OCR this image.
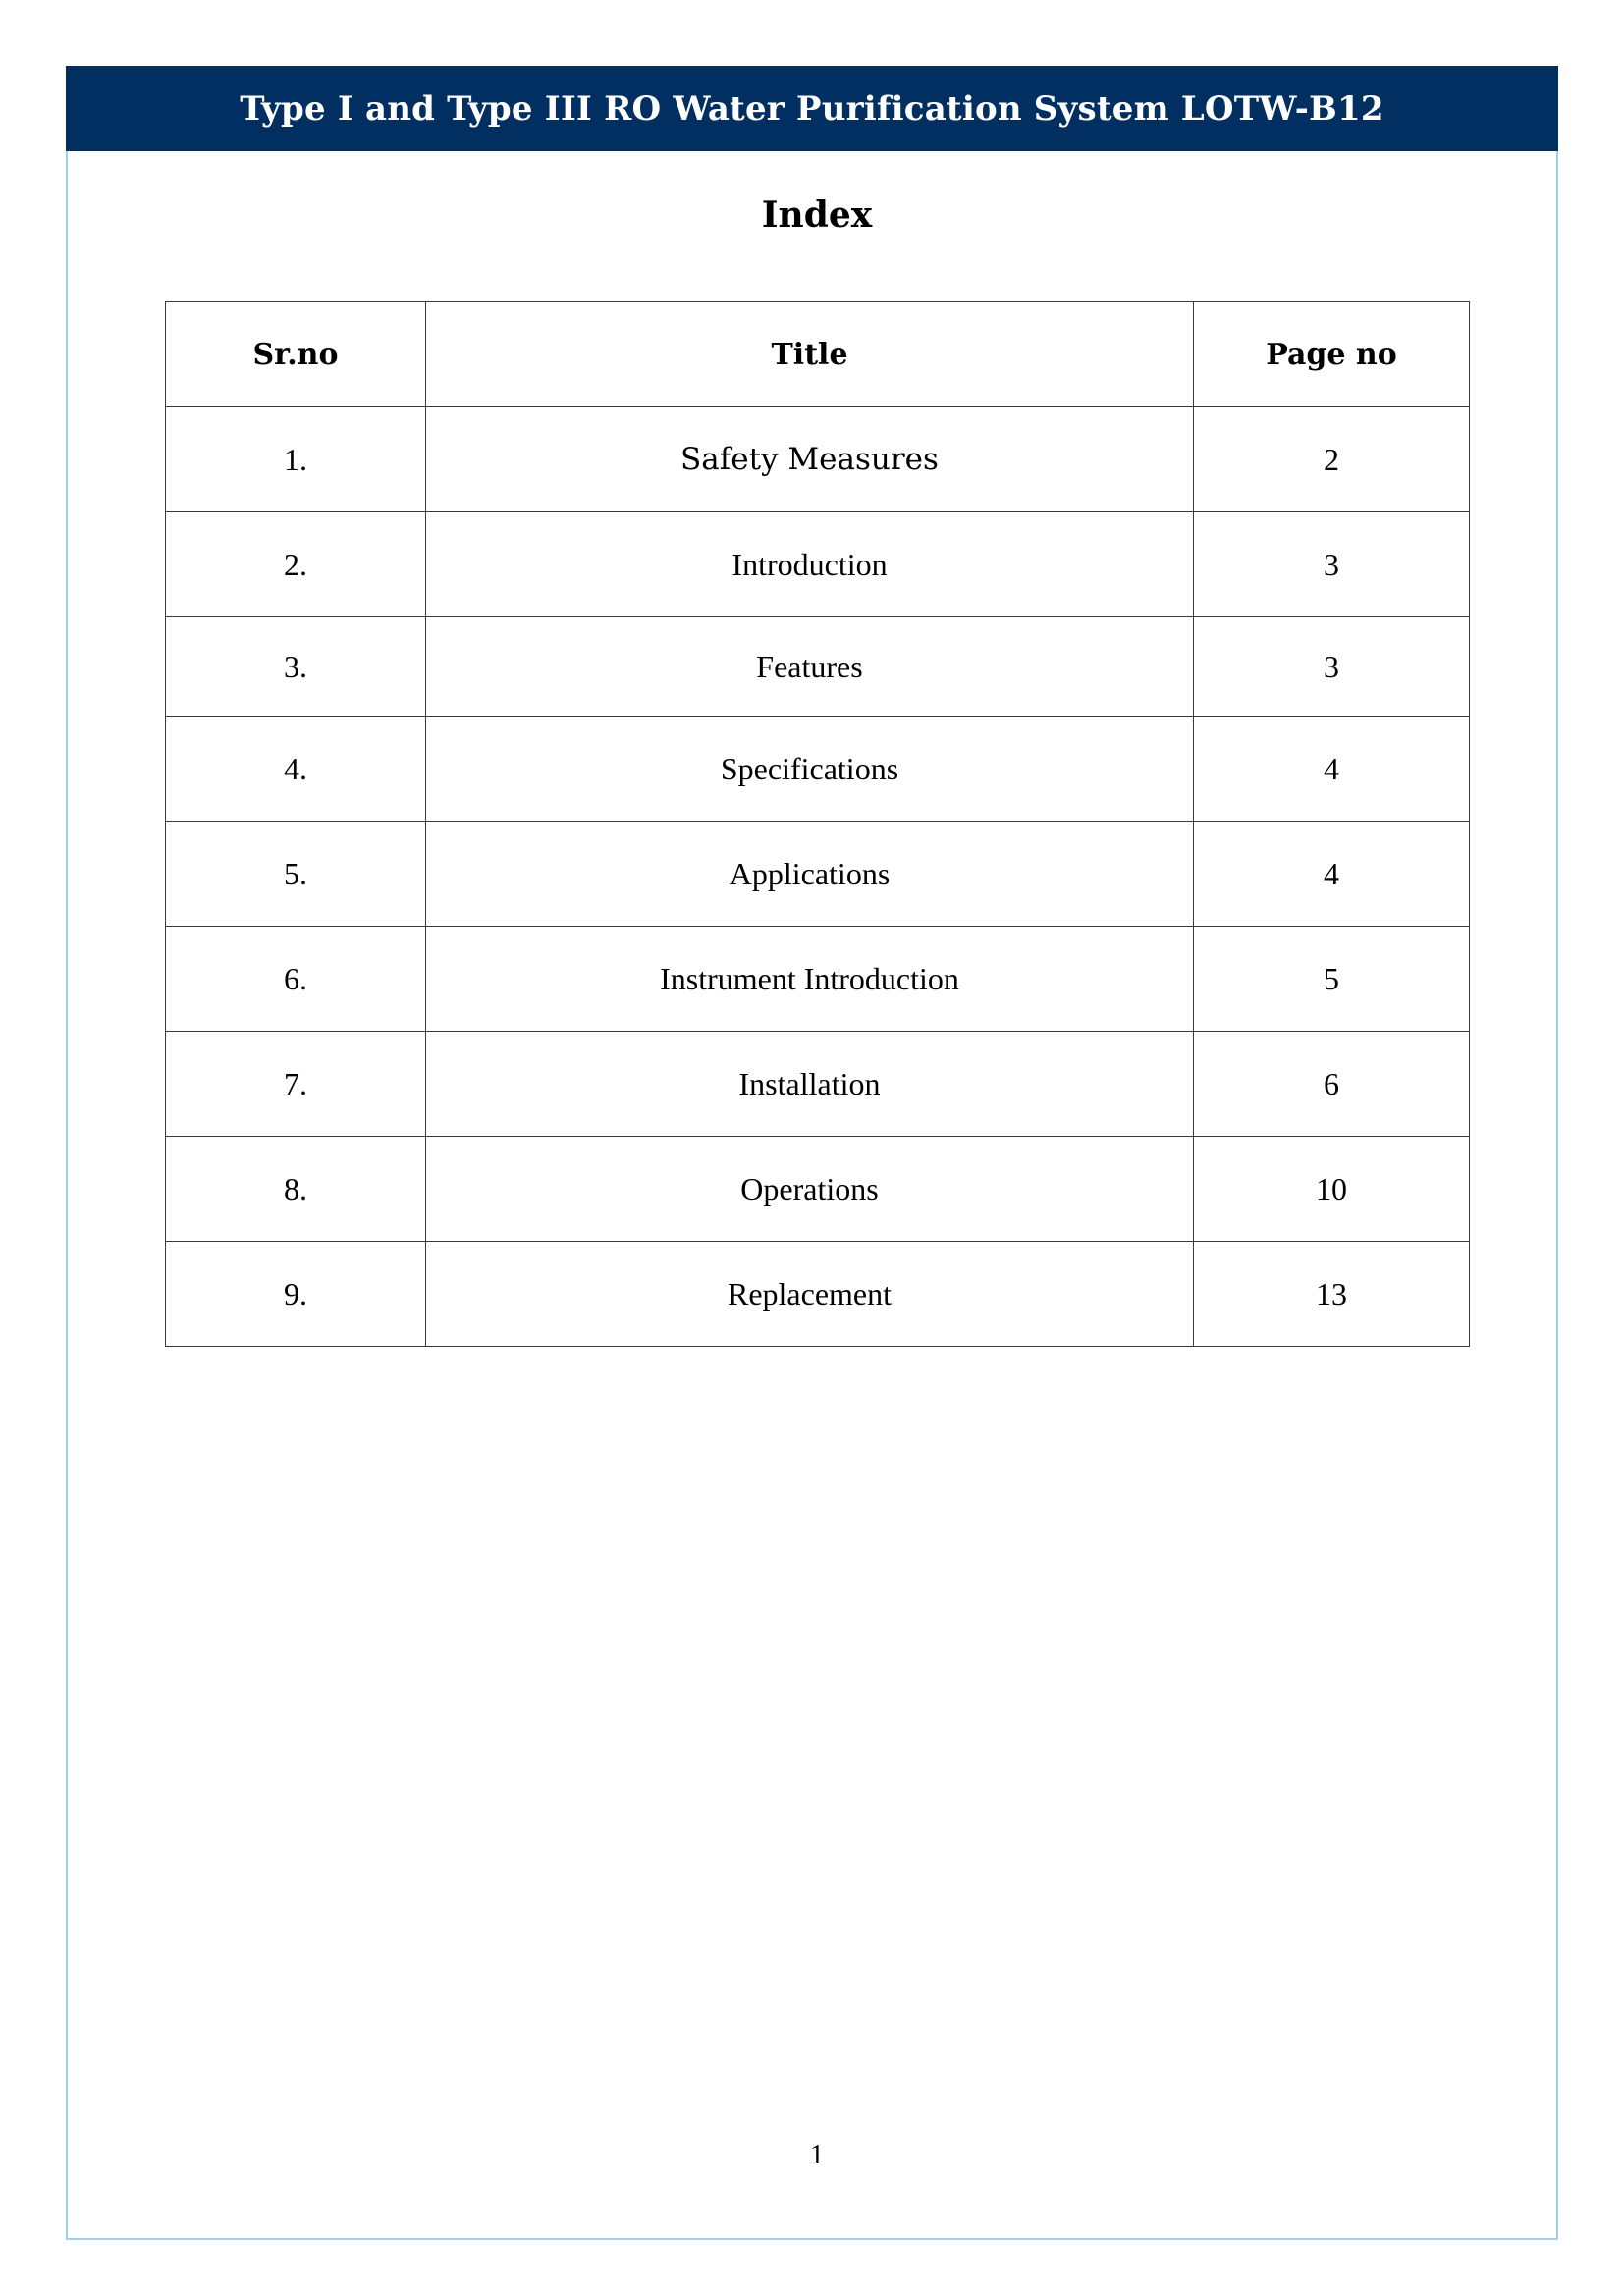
Type I and Type III RO Water Purification System LOTW-B12
Index
Sr.no	Title	Page no
1.	Safety Measures	2
2.	Introduction	3
3.	Features	3
4.	Specifications	4
5.	Applications	4
6.	Instrument Introduction	5
7.	Installation	6
8.	Operations	10
9.	Replacement	13
1
